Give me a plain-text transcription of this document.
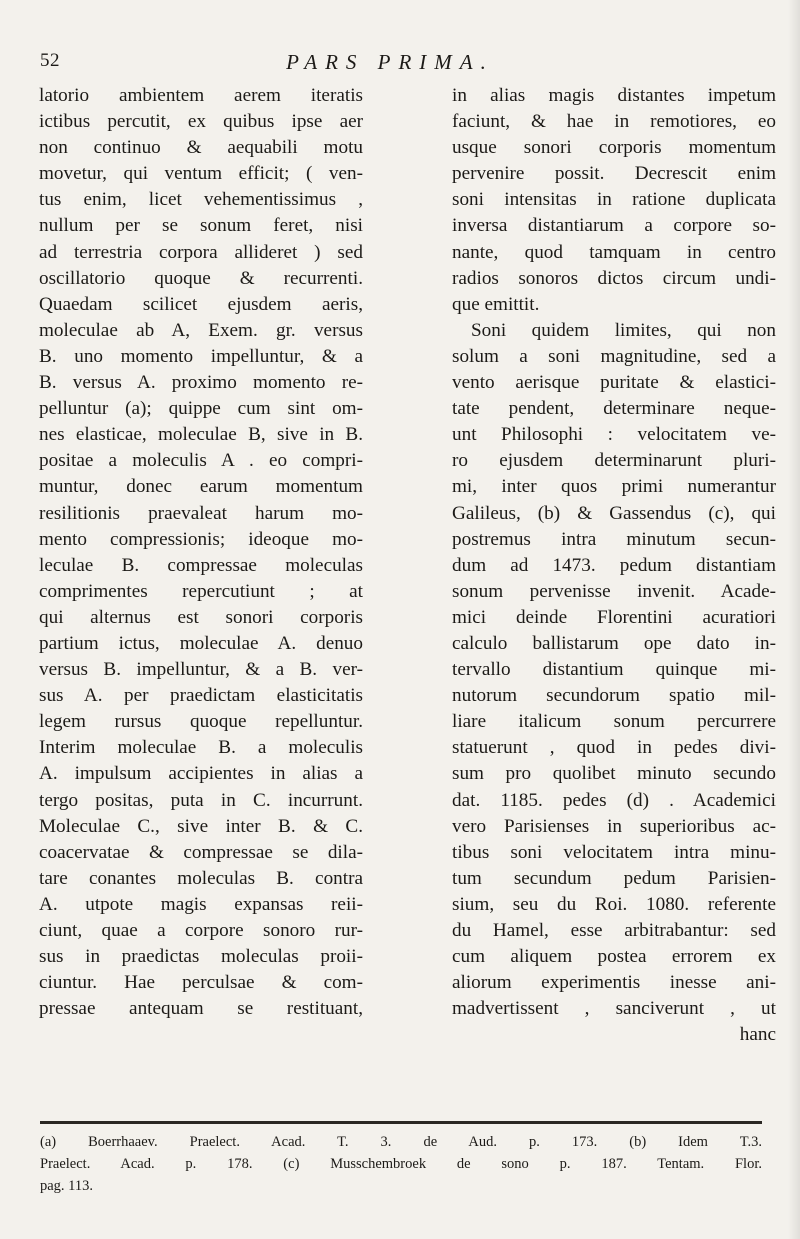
52	PARS PRIMA.
latorio ambientem aerem iteratis
ictibus percutit, ex quibus ipse aer
non continuo & aequabili motu
movetur, qui ventum efficit; ( ven-
tus enim, licet vehementissimus ,
nullum per se sonum feret, nisi
ad terrestria corpora allideret ) sed
oscillatorio quoque & recurrenti.
Quaedam scilicet ejusdem aeris,
moleculae ab A, Exem. gr. versus
B. uno momento impelluntur, & a
B. versus A. proximo momento re-
pelluntur (a); quippe cum sint om-
nes elasticae, moleculae B, sive in B.
positae a moleculis A . eo compri-
muntur, donec earum momentum
resilitionis praevaleat harum mo-
mento compressionis; ideoque mo-
leculae B. compressae moleculas
comprimentes repercutiunt ; at
qui alternus est sonori corporis
partium ictus, moleculae A. denuo
versus B. impelluntur, & a B. ver-
sus A. per praedictam elasticitatis
legem rursus quoque repelluntur.
Interim moleculae B. a moleculis
A. impulsum accipientes in alias a
tergo positas, puta in C. incurrunt.
Moleculae C., sive inter B. & C.
coacervatae & compressae se dila-
tare conantes moleculas B. contra
A. utpote magis expansas reii-
ciunt, quae a corpore sonoro rur-
sus in praedictas moleculas proii-
ciuntur. Hae perculsae & com-
pressae antequam se restituant,
in alias magis distantes impetum
faciunt, & hae in remotiores, eo
usque sonori corporis momentum
pervenire possit. Decrescit enim
soni intensitas in ratione duplicata
inversa distantiarum a corpore so-
nante, quod tamquam in centro
radios sonoros dictos circum undi-
que emittit.
Soni quidem limites, qui non
solum a soni magnitudine, sed a
vento aerisque puritate & elastici-
tate pendent, determinare neque-
unt Philosophi : velocitatem ve-
ro ejusdem determinarunt pluri-
mi, inter quos primi numerantur
Galileus, (b) & Gassendus (c), qui
postremus intra minutum secun-
dum ad 1473. pedum distantiam
sonum pervenisse invenit. Acade-
mici deinde Florentini acuratiori
calculo ballistarum ope dato in-
tervallo distantium quinque mi-
nutorum secundorum spatio mil-
liare italicum sonum percurrere
statuerunt , quod in pedes divi-
sum pro quolibet minuto secundo
dat. 1185. pedes (d) . Academici
vero Parisienses in superioribus ac-
tibus soni velocitatem intra minu-
tum secundum pedum Parisien-
sium, seu du Roi. 1080. referente
du Hamel, esse arbitrabantur: sed
cum aliquem postea errorem ex
aliorum experimentis inesse ani-
madvertissent , sanciverunt , ut
hanc
(a) Boerrhaaev. Praelect. Acad. T. 3. de Aud. p. 173. (b) Idem T.3.
Praelect. Acad. p. 178. (c) Musschembroek de sono p. 187. Tentam. Flor.
pag. 113.
